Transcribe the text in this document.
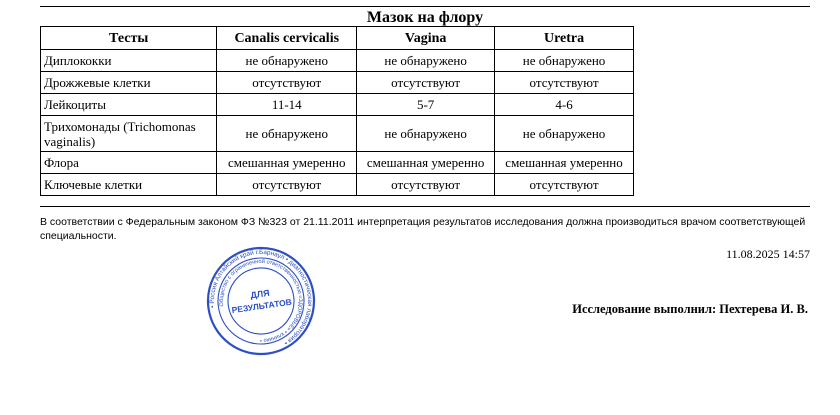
Мазок на флору
Тесты	Canalis cervicalis	Vagina	Uretra
Диплококки	не обнаружено	не обнаружено	не обнаружено
Дрожжевые клетки	отсутствуют	отсутствуют	отсутствуют
Лейкоциты	11-14	5-7	4-6
Трихомонады (Trichomonas vaginalis)	не обнаружено	не обнаружено	не обнаружено
Флора	смешанная умеренно	смешанная умеренно	смешанная умеренно
Ключевые клетки	отсутствуют	отсутствуют	отсутствуют
В соответствии с Федеральным законом ФЗ №323 от 21.11.2011 интерпретация результатов исследования должна производиться врачом соответствующей специальности.
11.08.2025 14:57
Исследование выполнил: Пехтерева И. В.
• Россия Алтайский край г.Барнаул • диагностическая лаборатория •
Общество с ограниченной ответственностью «ЗДОРОВЬЕ» • клинико •
ДЛЯ
РЕЗУЛЬТАТОВ
